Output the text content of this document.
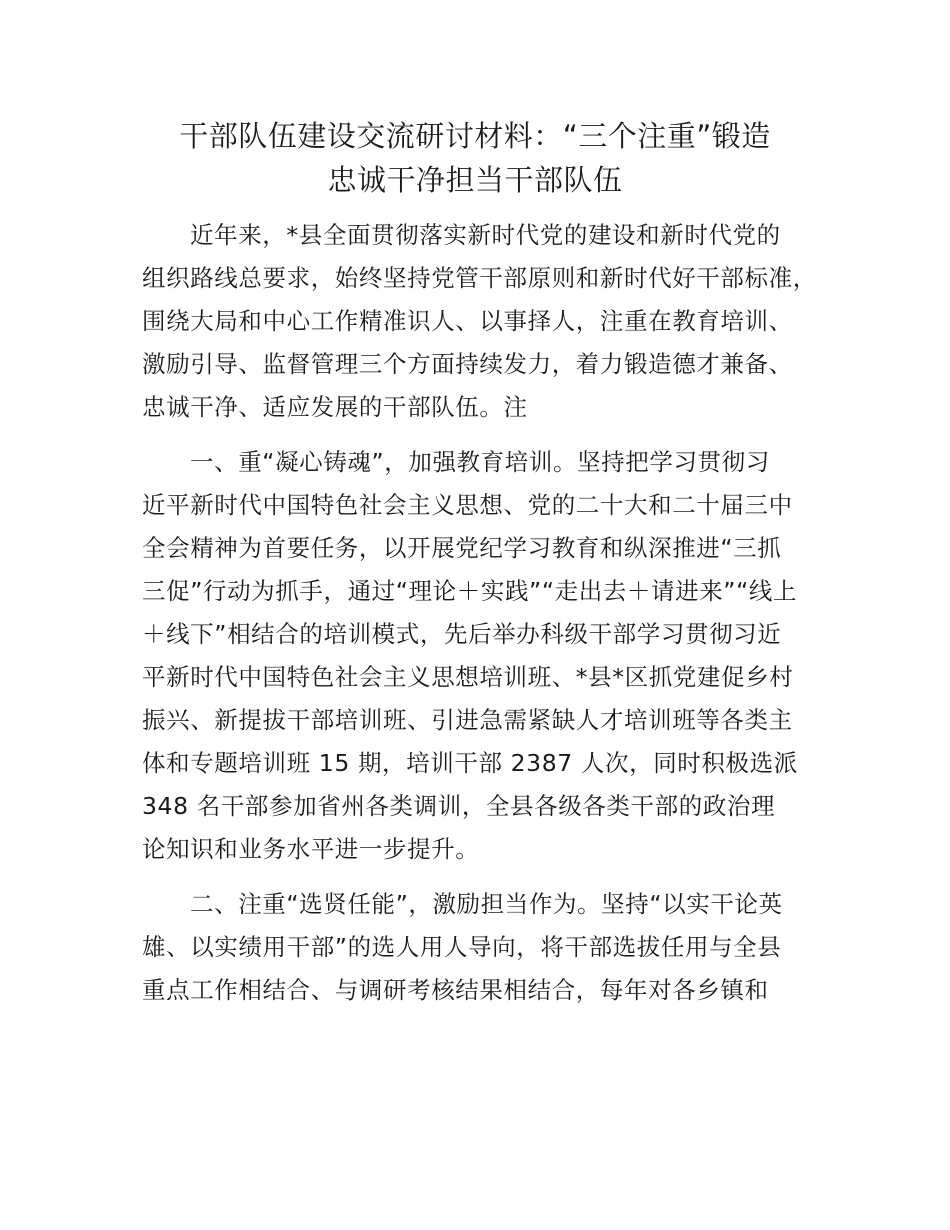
干部队伍建设交流研讨材料：“三个注重”锻造
忠诚干净担当干部队伍
近年来，*县全面贯彻落实新时代党的建设和新时代党的
组织路线总要求，始终坚持党管干部原则和新时代好干部标准，
围绕大局和中心工作精准识人、以事择人，注重在教育培训、
激励引导、监督管理三个方面持续发力，着力锻造德才兼备、
忠诚干净、适应发展的干部队伍。注
一、重“凝心铸魂”，加强教育培训。坚持把学习贯彻习
近平新时代中国特色社会主义思想、党的二十大和二十届三中
全会精神为首要任务，以开展党纪学习教育和纵深推进“三抓
三促”行动为抓手，通过“理论＋实践”“走出去＋请进来”“线上
＋线下”相结合的培训模式，先后举办科级干部学习贯彻习近
平新时代中国特色社会主义思想培训班、*县*区抓党建促乡村
振兴、新提拔干部培训班、引进急需紧缺人才培训班等各类主
体和专题培训班 15 期，培训干部 2387 人次，同时积极选派
348 名干部参加省州各类调训，全县各级各类干部的政治理
论知识和业务水平进一步提升。
二、注重“选贤任能”，激励担当作为。坚持“以实干论英
雄、以实绩用干部”的选人用人导向，将干部选拔任用与全县
重点工作相结合、与调研考核结果相结合，每年对各乡镇和
